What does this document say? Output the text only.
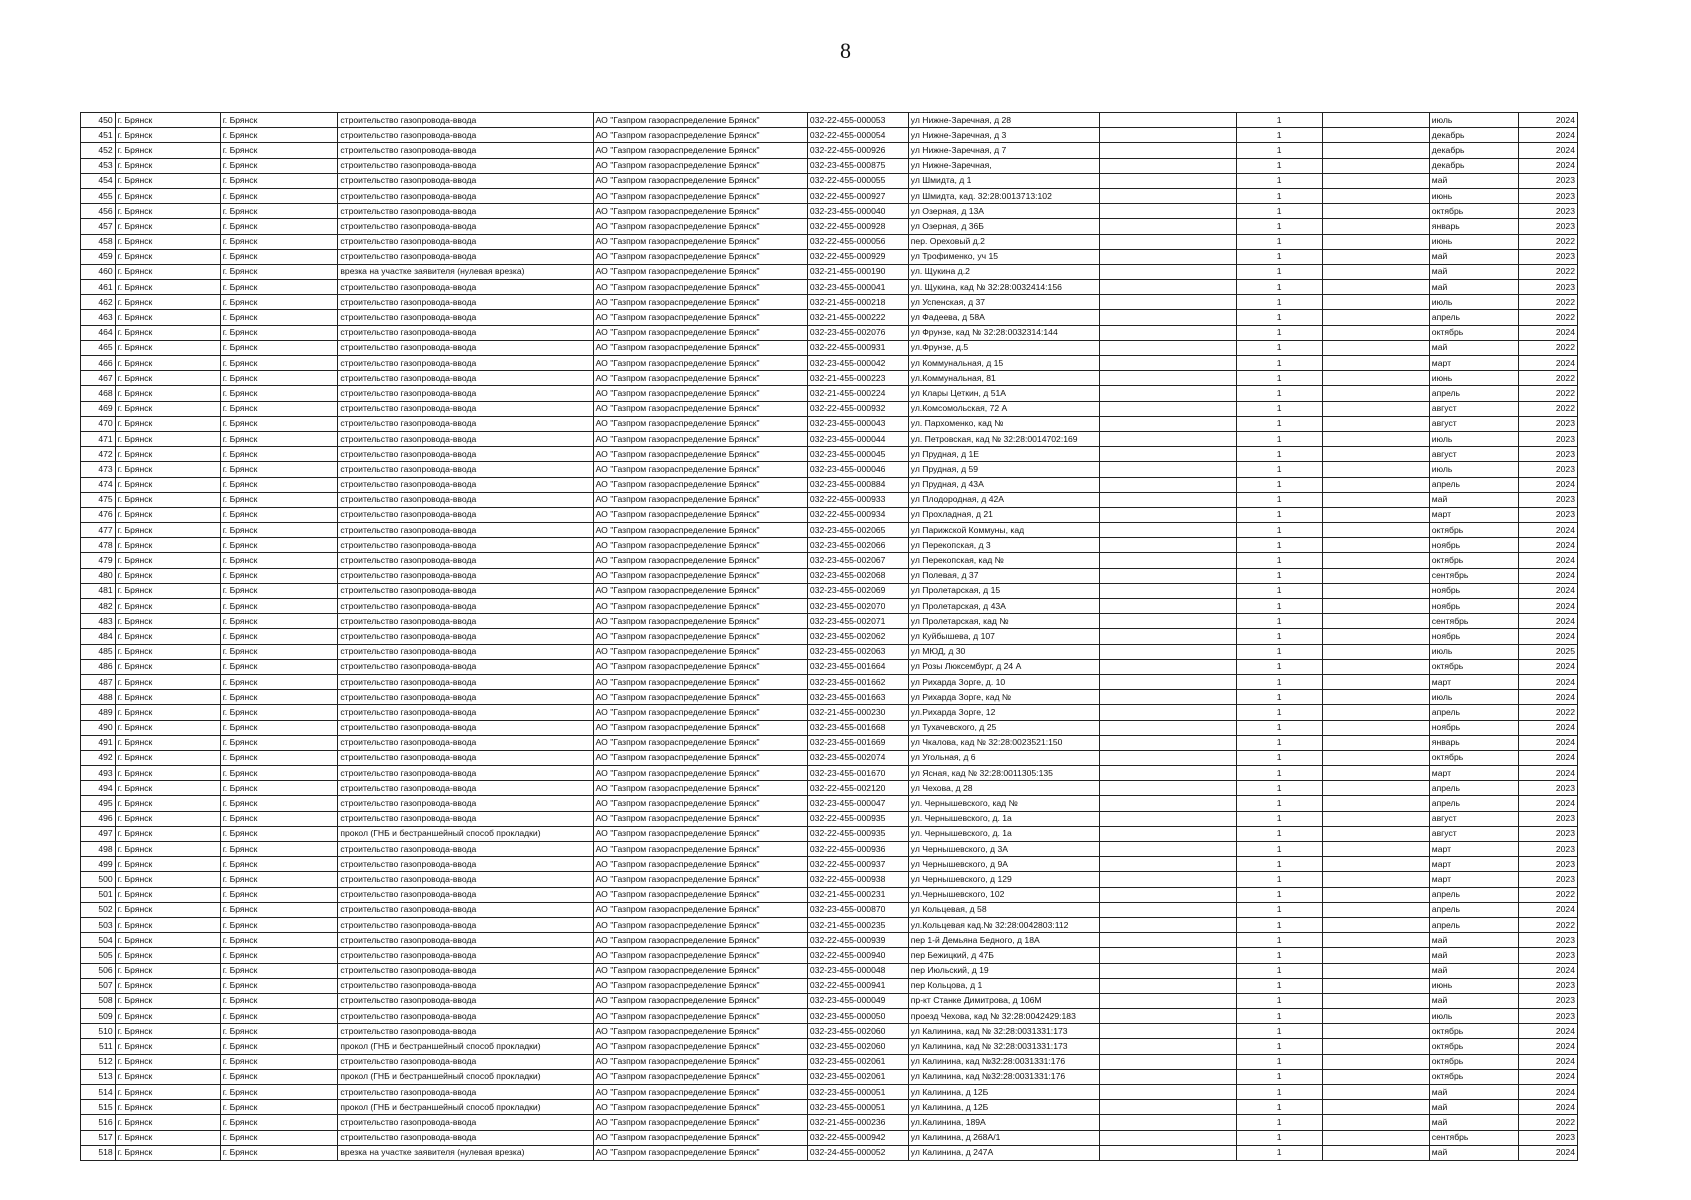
8
450	г. Брянск	г. Брянск	строительство газопровода-ввода	АО "Газпром газораспределение Брянск"	032-22-455-000053	ул Нижне-Заречная, д 28		1		июль	2024
451	г. Брянск	г. Брянск	строительство газопровода-ввода	АО "Газпром газораспределение Брянск"	032-22-455-000054	ул Нижне-Заречная, д 3		1		декабрь	2024
452	г. Брянск	г. Брянск	строительство газопровода-ввода	АО "Газпром газораспределение Брянск"	032-22-455-000926	ул Нижне-Заречная, д 7		1		декабрь	2024
453	г. Брянск	г. Брянск	строительство газопровода-ввода	АО "Газпром газораспределение Брянск"	032-23-455-000875	ул Нижне-Заречная,		1		декабрь	2024
454	г. Брянск	г. Брянск	строительство газопровода-ввода	АО "Газпром газораспределение Брянск"	032-22-455-000055	ул Шмидта, д 1		1		май	2023
455	г. Брянск	г. Брянск	строительство газопровода-ввода	АО "Газпром газораспределение Брянск"	032-22-455-000927	ул Шмидта, кад. 32:28:0013713:102		1		июнь	2023
456	г. Брянск	г. Брянск	строительство газопровода-ввода	АО "Газпром газораспределение Брянск"	032-23-455-000040	ул Озерная, д 13А		1		октябрь	2023
457	г. Брянск	г. Брянск	строительство газопровода-ввода	АО "Газпром газораспределение Брянск"	032-22-455-000928	ул Озерная, д 36Б		1		январь	2023
458	г. Брянск	г. Брянск	строительство газопровода-ввода	АО "Газпром газораспределение Брянск"	032-22-455-000056	пер. Ореховый д.2		1		июнь	2022
459	г. Брянск	г. Брянск	строительство газопровода-ввода	АО "Газпром газораспределение Брянск"	032-22-455-000929	ул Трофименко, уч 15		1		май	2023
460	г. Брянск	г. Брянск	врезка на участке заявителя (нулевая врезка)	АО "Газпром газораспределение Брянск"	032-21-455-000190	ул. Щукина д.2		1		май	2022
461	г. Брянск	г. Брянск	строительство газопровода-ввода	АО "Газпром газораспределение Брянск"	032-23-455-000041	ул. Щукина, кад № 32:28:0032414:156		1		май	2023
462	г. Брянск	г. Брянск	строительство газопровода-ввода	АО "Газпром газораспределение Брянск"	032-21-455-000218	ул Успенская, д 37		1		июль	2022
463	г. Брянск	г. Брянск	строительство газопровода-ввода	АО "Газпром газораспределение Брянск"	032-21-455-000222	ул Фадеева, д 58А		1		апрель	2022
464	г. Брянск	г. Брянск	строительство газопровода-ввода	АО "Газпром газораспределение Брянск"	032-23-455-002076	ул Фрунзе, кад № 32:28:0032314:144		1		октябрь	2024
465	г. Брянск	г. Брянск	строительство газопровода-ввода	АО "Газпром газораспределение Брянск"	032-22-455-000931	ул.Фрунзе, д.5		1		май	2022
466	г. Брянск	г. Брянск	строительство газопровода-ввода	АО "Газпром газораспределение Брянск"	032-23-455-000042	ул Коммунальная, д 15		1		март	2024
467	г. Брянск	г. Брянск	строительство газопровода-ввода	АО "Газпром газораспределение Брянск"	032-21-455-000223	ул.Коммунальная, 81		1		июнь	2022
468	г. Брянск	г. Брянск	строительство газопровода-ввода	АО "Газпром газораспределение Брянск"	032-21-455-000224	ул Клары Цеткин, д 51А		1		апрель	2022
469	г. Брянск	г. Брянск	строительство газопровода-ввода	АО "Газпром газораспределение Брянск"	032-22-455-000932	ул.Комсомольская, 72 А		1		август	2022
470	г. Брянск	г. Брянск	строительство газопровода-ввода	АО "Газпром газораспределение Брянск"	032-23-455-000043	ул. Пархоменко, кад №		1		август	2023
471	г. Брянск	г. Брянск	строительство газопровода-ввода	АО "Газпром газораспределение Брянск"	032-23-455-000044	ул. Петровская, кад № 32:28:0014702:169		1		июль	2023
472	г. Брянск	г. Брянск	строительство газопровода-ввода	АО "Газпром газораспределение Брянск"	032-23-455-000045	ул Прудная, д 1Е		1		август	2023
473	г. Брянск	г. Брянск	строительство газопровода-ввода	АО "Газпром газораспределение Брянск"	032-23-455-000046	ул Прудная, д 59		1		июль	2023
474	г. Брянск	г. Брянск	строительство газопровода-ввода	АО "Газпром газораспределение Брянск"	032-23-455-000884	ул Прудная, д 43А		1		апрель	2024
475	г. Брянск	г. Брянск	строительство газопровода-ввода	АО "Газпром газораспределение Брянск"	032-22-455-000933	ул Плодородная, д 42А		1		май	2023
476	г. Брянск	г. Брянск	строительство газопровода-ввода	АО "Газпром газораспределение Брянск"	032-22-455-000934	ул Прохладная, д 21		1		март	2023
477	г. Брянск	г. Брянск	строительство газопровода-ввода	АО "Газпром газораспределение Брянск"	032-23-455-002065	ул Парижской Коммуны, кад		1		октябрь	2024
478	г. Брянск	г. Брянск	строительство газопровода-ввода	АО "Газпром газораспределение Брянск"	032-23-455-002066	ул Перекопская, д 3		1		ноябрь	2024
479	г. Брянск	г. Брянск	строительство газопровода-ввода	АО "Газпром газораспределение Брянск"	032-23-455-002067	ул Перекопская, кад №		1		октябрь	2024
480	г. Брянск	г. Брянск	строительство газопровода-ввода	АО "Газпром газораспределение Брянск"	032-23-455-002068	ул Полевая, д 37		1		сентябрь	2024
481	г. Брянск	г. Брянск	строительство газопровода-ввода	АО "Газпром газораспределение Брянск"	032-23-455-002069	ул Пролетарская, д 15		1		ноябрь	2024
482	г. Брянск	г. Брянск	строительство газопровода-ввода	АО "Газпром газораспределение Брянск"	032-23-455-002070	ул Пролетарская, д 43А		1		ноябрь	2024
483	г. Брянск	г. Брянск	строительство газопровода-ввода	АО "Газпром газораспределение Брянск"	032-23-455-002071	ул Пролетарская, кад №		1		сентябрь	2024
484	г. Брянск	г. Брянск	строительство газопровода-ввода	АО "Газпром газораспределение Брянск"	032-23-455-002062	ул Куйбышева, д 107		1		ноябрь	2024
485	г. Брянск	г. Брянск	строительство газопровода-ввода	АО "Газпром газораспределение Брянск"	032-23-455-002063	ул МЮД, д 30		1		июль	2025
486	г. Брянск	г. Брянск	строительство газопровода-ввода	АО "Газпром газораспределение Брянск"	032-23-455-001664	ул Розы Люксембург, д 24 А		1		октябрь	2024
487	г. Брянск	г. Брянск	строительство газопровода-ввода	АО "Газпром газораспределение Брянск"	032-23-455-001662	ул Рихарда Зорге, д. 10		1		март	2024
488	г. Брянск	г. Брянск	строительство газопровода-ввода	АО "Газпром газораспределение Брянск"	032-23-455-001663	ул Рихарда Зорге, кад №		1		июль	2024
489	г. Брянск	г. Брянск	строительство газопровода-ввода	АО "Газпром газораспределение Брянск"	032-21-455-000230	ул.Рихарда Зорге, 12		1		апрель	2022
490	г. Брянск	г. Брянск	строительство газопровода-ввода	АО "Газпром газораспределение Брянск"	032-23-455-001668	ул Тухачевского, д 25		1		ноябрь	2024
491	г. Брянск	г. Брянск	строительство газопровода-ввода	АО "Газпром газораспределение Брянск"	032-23-455-001669	ул Чкалова, кад № 32:28:0023521:150		1		январь	2024
492	г. Брянск	г. Брянск	строительство газопровода-ввода	АО "Газпром газораспределение Брянск"	032-23-455-002074	ул Угольная, д 6		1		октябрь	2024
493	г. Брянск	г. Брянск	строительство газопровода-ввода	АО "Газпром газораспределение Брянск"	032-23-455-001670	ул Ясная, кад № 32:28:0011305:135		1		март	2024
494	г. Брянск	г. Брянск	строительство газопровода-ввода	АО "Газпром газораспределение Брянск"	032-22-455-002120	ул Чехова, д 28		1		апрель	2023
495	г. Брянск	г. Брянск	строительство газопровода-ввода	АО "Газпром газораспределение Брянск"	032-23-455-000047	ул. Чернышевского, кад №		1		апрель	2024
496	г. Брянск	г. Брянск	строительство газопровода-ввода	АО "Газпром газораспределение Брянск"	032-22-455-000935	ул. Чернышевского, д. 1а		1		август	2023
497	г. Брянск	г. Брянск	прокол (ГНБ и бестраншейный способ прокладки)	АО "Газпром газораспределение Брянск"	032-22-455-000935	ул. Чернышевского, д. 1а		1		август	2023
498	г. Брянск	г. Брянск	строительство газопровода-ввода	АО "Газпром газораспределение Брянск"	032-22-455-000936	ул Чернышевского, д 3А		1		март	2023
499	г. Брянск	г. Брянск	строительство газопровода-ввода	АО "Газпром газораспределение Брянск"	032-22-455-000937	ул Чернышевского, д 9А		1		март	2023
500	г. Брянск	г. Брянск	строительство газопровода-ввода	АО "Газпром газораспределение Брянск"	032-22-455-000938	ул Чернышевского, д 129		1		март	2023
501	г. Брянск	г. Брянск	строительство газопровода-ввода	АО "Газпром газораспределение Брянск"	032-21-455-000231	ул.Чернышевского, 102		1		апрель	2022
502	г. Брянск	г. Брянск	строительство газопровода-ввода	АО "Газпром газораспределение Брянск"	032-23-455-000870	ул Кольцевая, д 58		1		апрель	2024
503	г. Брянск	г. Брянск	строительство газопровода-ввода	АО "Газпром газораспределение Брянск"	032-21-455-000235	ул.Кольцевая кад.№ 32:28:0042803:112		1		апрель	2022
504	г. Брянск	г. Брянск	строительство газопровода-ввода	АО "Газпром газораспределение Брянск"	032-22-455-000939	пер 1-й Демьяна Бедного, д 18А		1		май	2023
505	г. Брянск	г. Брянск	строительство газопровода-ввода	АО "Газпром газораспределение Брянск"	032-22-455-000940	пер Бежицкий, д 47Б		1		май	2023
506	г. Брянск	г. Брянск	строительство газопровода-ввода	АО "Газпром газораспределение Брянск"	032-23-455-000048	пер Июльский, д 19		1		май	2024
507	г. Брянск	г. Брянск	строительство газопровода-ввода	АО "Газпром газораспределение Брянск"	032-22-455-000941	пер Кольцова, д 1		1		июнь	2023
508	г. Брянск	г. Брянск	строительство газопровода-ввода	АО "Газпром газораспределение Брянск"	032-23-455-000049	пр-кт Станке Димитрова, д 106М		1		май	2023
509	г. Брянск	г. Брянск	строительство газопровода-ввода	АО "Газпром газораспределение Брянск"	032-23-455-000050	проезд Чехова, кад № 32:28:0042429:183		1		июль	2023
510	г. Брянск	г. Брянск	строительство газопровода-ввода	АО "Газпром газораспределение Брянск"	032-23-455-002060	ул Калинина, кад № 32:28:0031331:173		1		октябрь	2024
511	г. Брянск	г. Брянск	прокол (ГНБ и бестраншейный способ прокладки)	АО "Газпром газораспределение Брянск"	032-23-455-002060	ул Калинина, кад № 32:28:0031331:173		1		октябрь	2024
512	г. Брянск	г. Брянск	строительство газопровода-ввода	АО "Газпром газораспределение Брянск"	032-23-455-002061	ул Калинина, кад №32:28:0031331:176		1		октябрь	2024
513	г. Брянск	г. Брянск	прокол (ГНБ и бестраншейный способ прокладки)	АО "Газпром газораспределение Брянск"	032-23-455-002061	ул Калинина, кад №32:28:0031331:176		1		октябрь	2024
514	г. Брянск	г. Брянск	строительство газопровода-ввода	АО "Газпром газораспределение Брянск"	032-23-455-000051	ул Калинина, д 12Б		1		май	2024
515	г. Брянск	г. Брянск	прокол (ГНБ и бестраншейный способ прокладки)	АО "Газпром газораспределение Брянск"	032-23-455-000051	ул Калинина, д 12Б		1		май	2024
516	г. Брянск	г. Брянск	строительство газопровода-ввода	АО "Газпром газораспределение Брянск"	032-21-455-000236	ул.Калинина, 189А		1		май	2022
517	г. Брянск	г. Брянск	строительство газопровода-ввода	АО "Газпром газораспределение Брянск"	032-22-455-000942	ул Калинина, д 268А/1		1		сентябрь	2023
518	г. Брянск	г. Брянск	врезка на участке заявителя (нулевая врезка)	АО "Газпром газораспределение Брянск"	032-24-455-000052	ул Калинина, д 247А		1		май	2024
